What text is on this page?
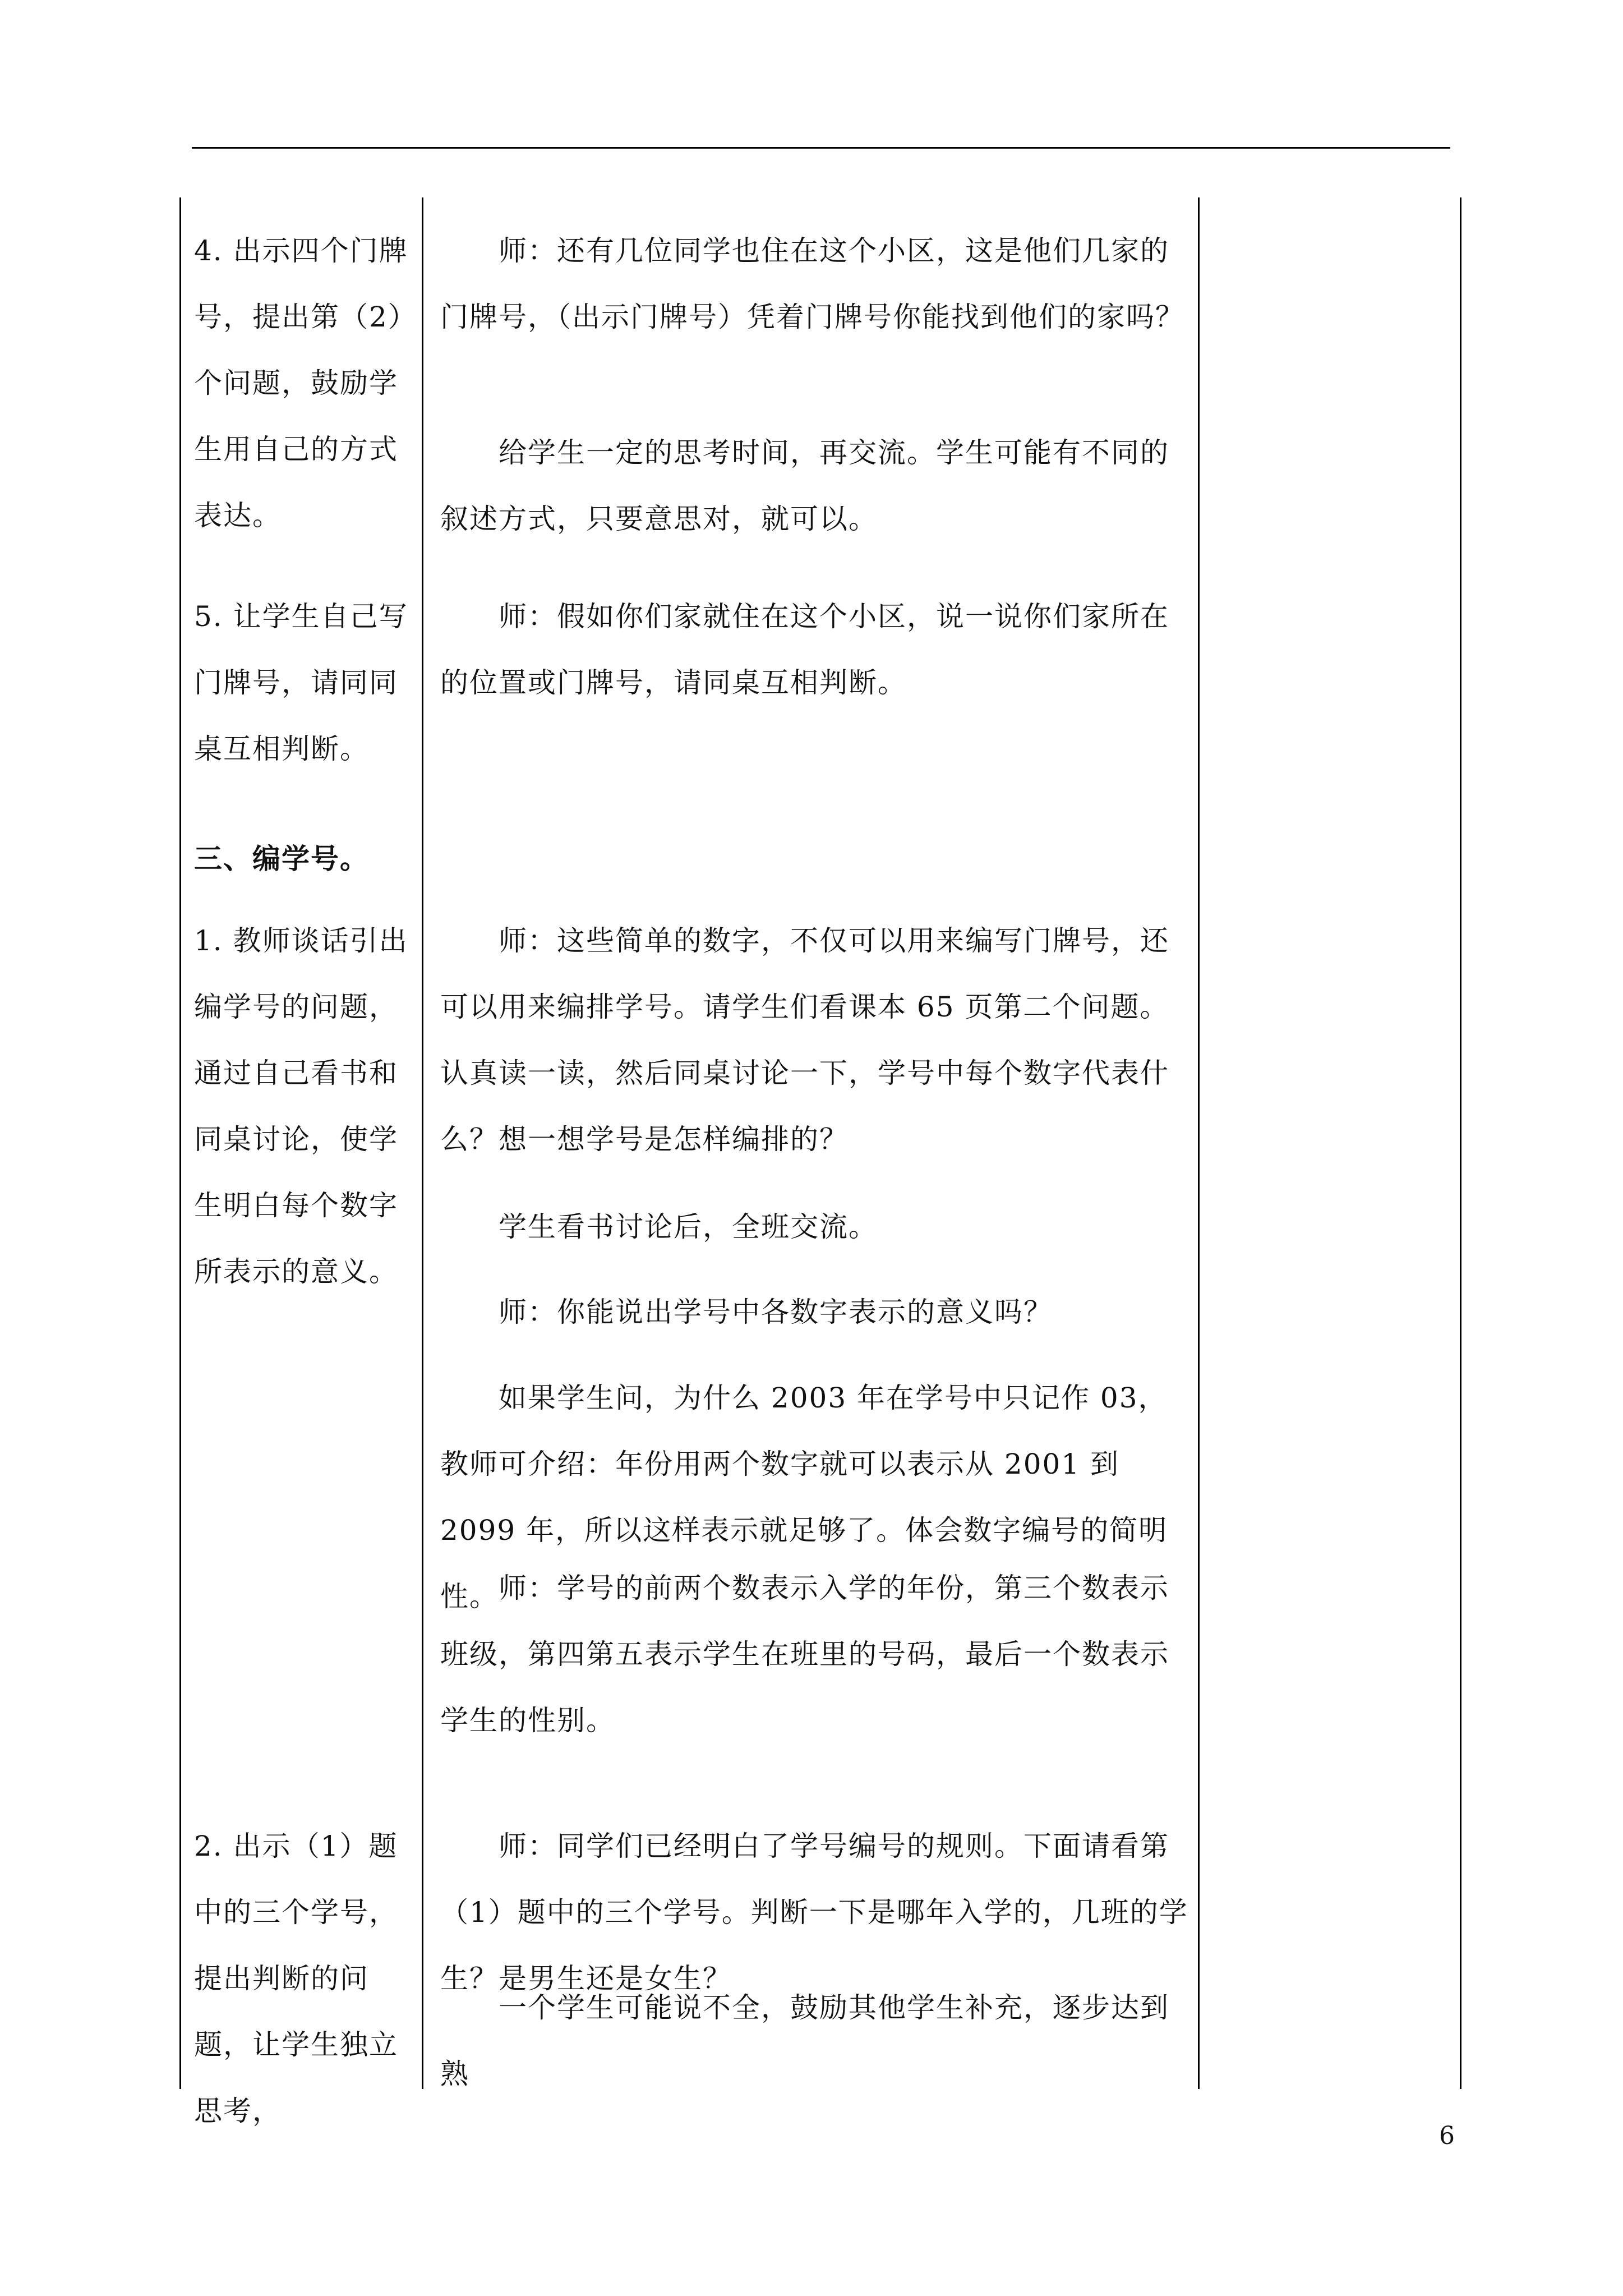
4. 出示四个门牌号，提出第（2）个问题，鼓励学生用自己的方式表达。

5. 让学生自己写门牌号，请同同桌互相判断。

三、编学号。

1. 教师谈话引出编学号的问题，通过自己看书和同桌讨论，使学生明白每个数字所表示的意义。

2. 出示（1）题中的三个学号，提出判断的问题，让学生独立思考，

师：还有几位同学也住在这个小区，这是他们几家的门牌号，（出示门牌号）凭着门牌号你能找到他们的家吗？

给学生一定的思考时间，再交流。学生可能有不同的叙述方式，只要意思对，就可以。

师：假如你们家就住在这个小区，说一说你们家所在的位置或门牌号，请同桌互相判断。

师：这些简单的数字，不仅可以用来编写门牌号，还可以用来编排学号。请学生们看课本 65 页第二个问题。认真读一读，然后同桌讨论一下，学号中每个数字代表什么？想一想学号是怎样编排的？

学生看书讨论后，全班交流。

师：你能说出学号中各数字表示的意义吗？

如果学生问，为什么 2003 年在学号中只记作 03，教师可介绍：年份用两个数字就可以表示从 2001 到 2099 年，所以这样表示就足够了。体会数字编号的简明性。 师：学号的前两个数表示入学的年份，第三个数表示班级，第四第五表示学生在班里的号码，最后一个数表示学生的性别。

师：同学们已经明白了学号编号的规则。下面请看第（1）题中的三个学号。判断一下是哪年入学的，几班的学生？是男生还是女生？

一个学生可能说不全，鼓励其他学生补充，逐步达到熟

6
